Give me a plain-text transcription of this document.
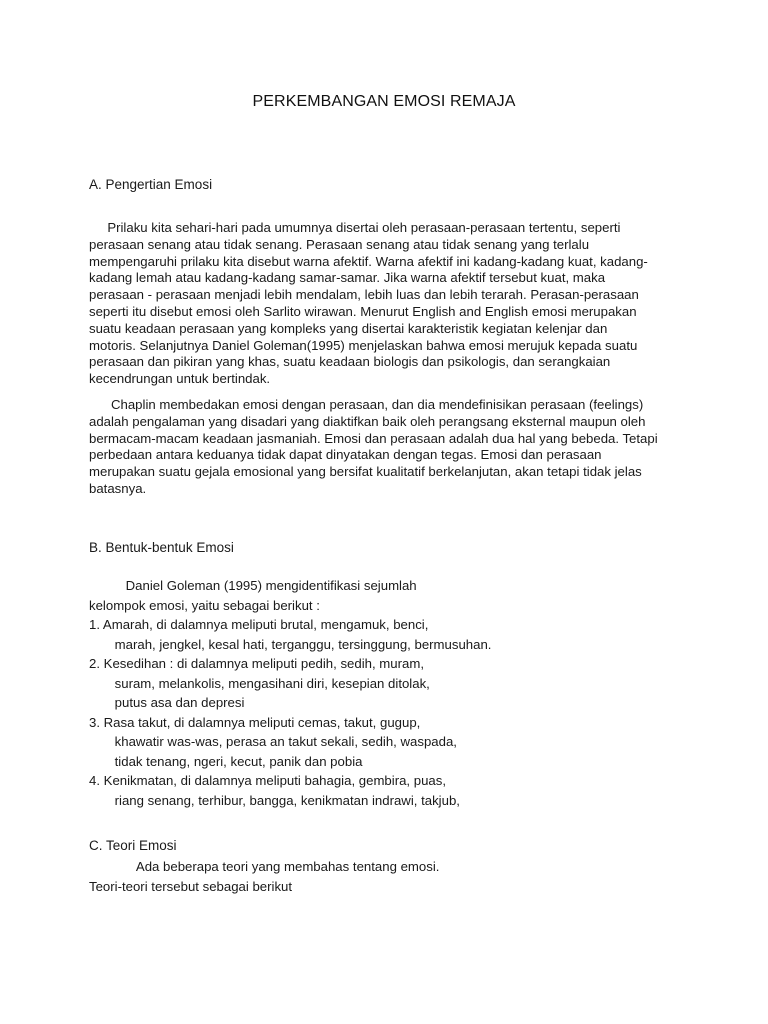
PERKEMBANGAN EMOSI REMAJA
A. Pengertian Emosi
Prilaku kita sehari-hari pada umumnya disertai oleh perasaan-perasaan tertentu, seperti
perasaan senang atau tidak senang. Perasaan senang atau tidak senang yang terlalu
mempengaruhi prilaku kita disebut warna afektif. Warna afektif ini kadang-kadang kuat, kadang-
kadang lemah atau kadang-kadang samar-samar. Jika warna afektif tersebut kuat, maka
perasaan - perasaan menjadi lebih mendalam, lebih luas dan lebih terarah. Perasan-perasaan
seperti itu disebut emosi oleh Sarlito wirawan. Menurut English and English emosi merupakan
suatu keadaan perasaan yang kompleks yang disertai karakteristik kegiatan kelenjar dan
motoris. Selanjutnya Daniel Goleman(1995) menjelaskan bahwa emosi merujuk kepada suatu
perasaan dan pikiran yang khas, suatu keadaan biologis dan psikologis, dan serangkaian
kecendrungan untuk bertindak.
Chaplin membedakan emosi dengan perasaan, dan dia mendefinisikan perasaan (feelings)
adalah pengalaman yang disadari yang diaktifkan baik oleh perangsang eksternal maupun oleh
bermacam-macam keadaan jasmaniah. Emosi dan perasaan adalah dua hal yang bebeda. Tetapi
perbedaan antara keduanya tidak dapat dinyatakan dengan tegas. Emosi dan perasaan
merupakan suatu gejala emosional yang bersifat kualitatif berkelanjutan, akan tetapi tidak jelas
batasnya.
B. Bentuk-bentuk Emosi
Daniel Goleman (1995) mengidentifikasi sejumlah
kelompok emosi, yaitu sebagai berikut :
1. Amarah, di dalamnya meliputi brutal, mengamuk, benci,
marah, jengkel, kesal hati, terganggu, tersinggung, bermusuhan.
2. Kesedihan : di dalamnya meliputi pedih, sedih, muram,
suram, melankolis, mengasihani diri, kesepian ditolak,
putus asa dan depresi
3. Rasa takut, di dalamnya meliputi cemas, takut, gugup,
khawatir was-was, perasa an takut sekali, sedih, waspada,
tidak tenang, ngeri, kecut, panik dan pobia
4. Kenikmatan, di dalamnya meliputi bahagia, gembira, puas,
riang senang, terhibur, bangga, kenikmatan indrawi, takjub,
C. Teori Emosi
Ada beberapa teori yang membahas tentang emosi.
Teori-teori tersebut sebagai berikut
